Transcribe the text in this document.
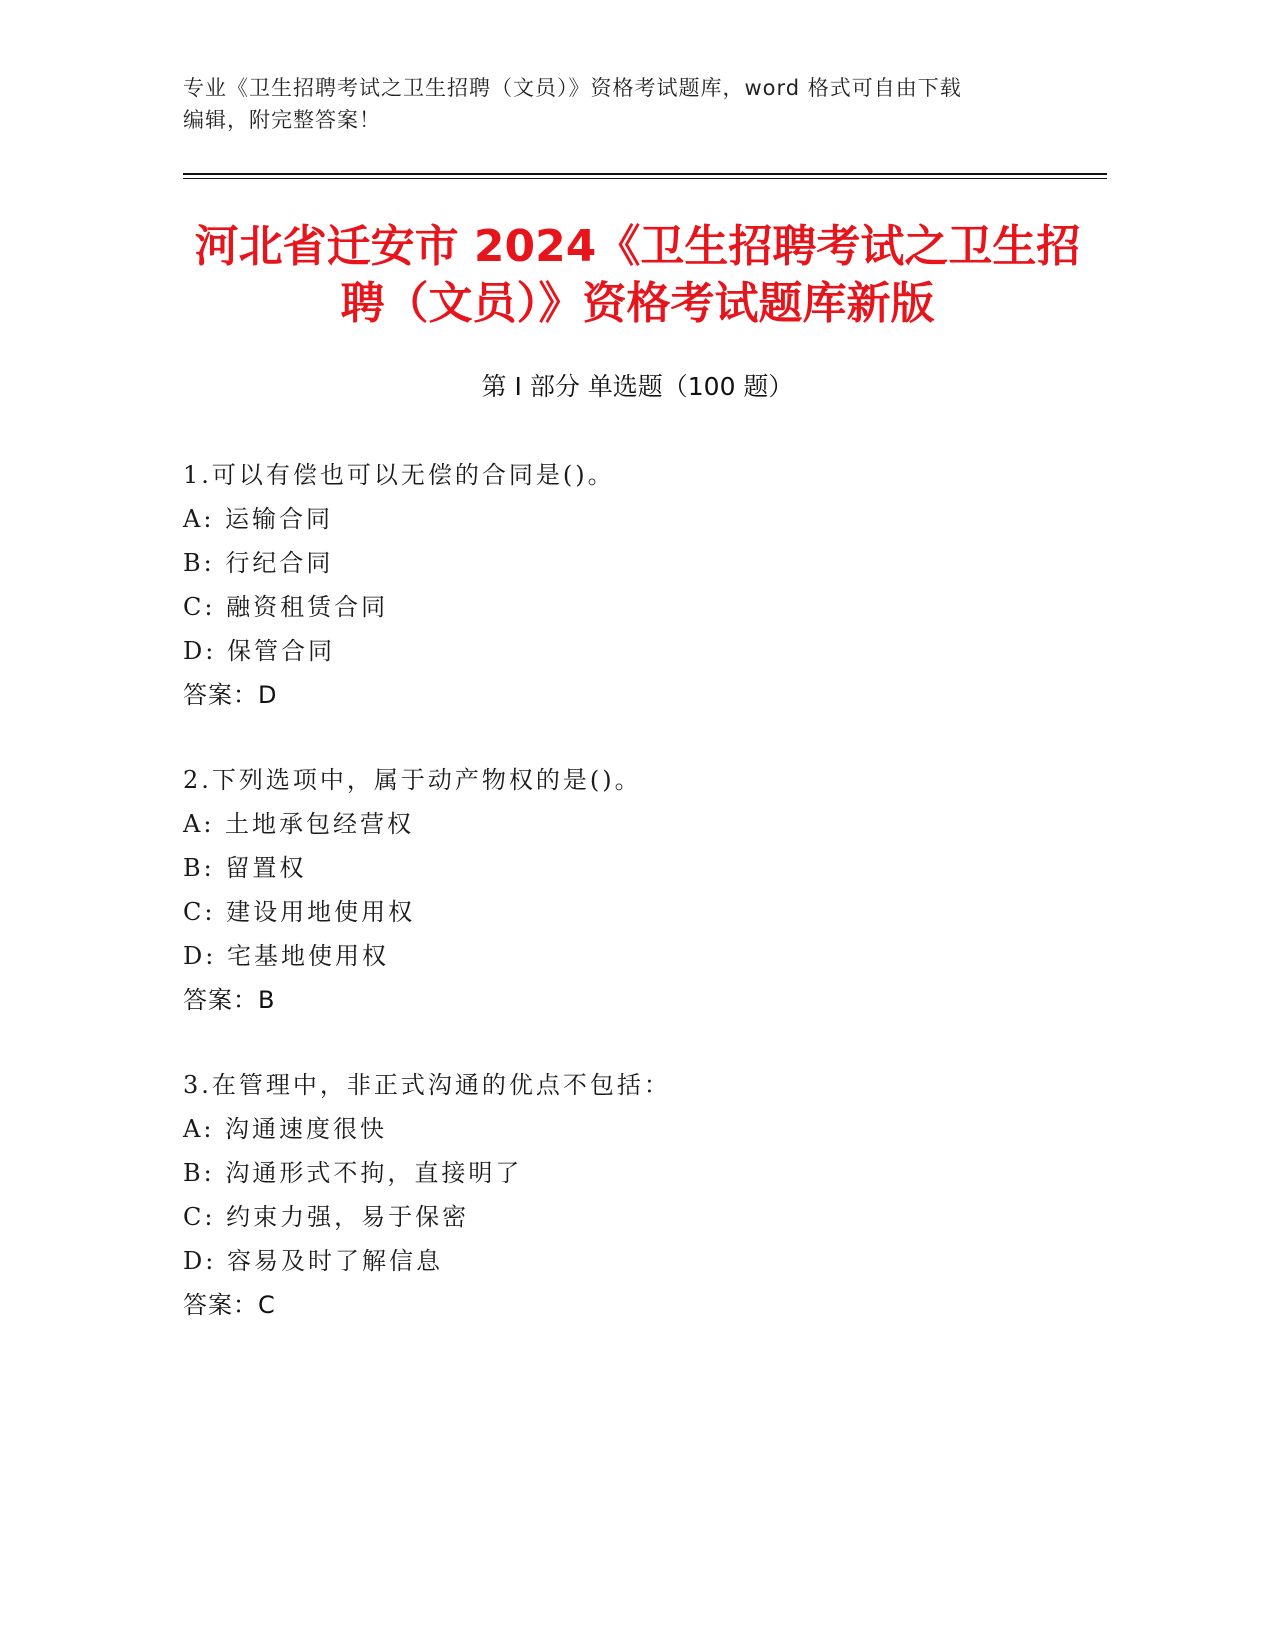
专业《卫生招聘考试之卫生招聘（文员）》资格考试题库，word 格式可自由下载
编辑，附完整答案！
河北省迁安市 2024《卫生招聘考试之卫生招
聘（文员）》资格考试题库新版
第 I 部分 单选题（100 题）
1.可以有偿也可以无偿的合同是()。
A: 运输合同
B: 行纪合同
C: 融资租赁合同
D: 保管合同
答案：D
2.下列选项中，属于动产物权的是()。
A: 土地承包经营权
B: 留置权
C: 建设用地使用权
D: 宅基地使用权
答案：B
3.在管理中，非正式沟通的优点不包括：
A: 沟通速度很快
B: 沟通形式不拘，直接明了
C: 约束力强，易于保密
D: 容易及时了解信息
答案：C
